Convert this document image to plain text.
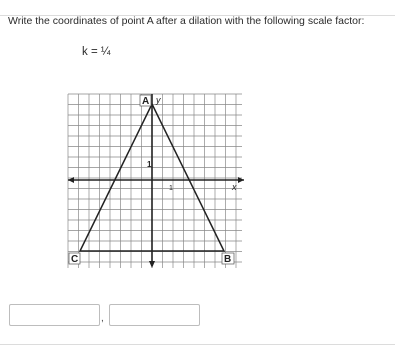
Write the coordinates of point A after a dilation with the following scale factor:
k = ¼
A
B
C
y
x
1
1
,
